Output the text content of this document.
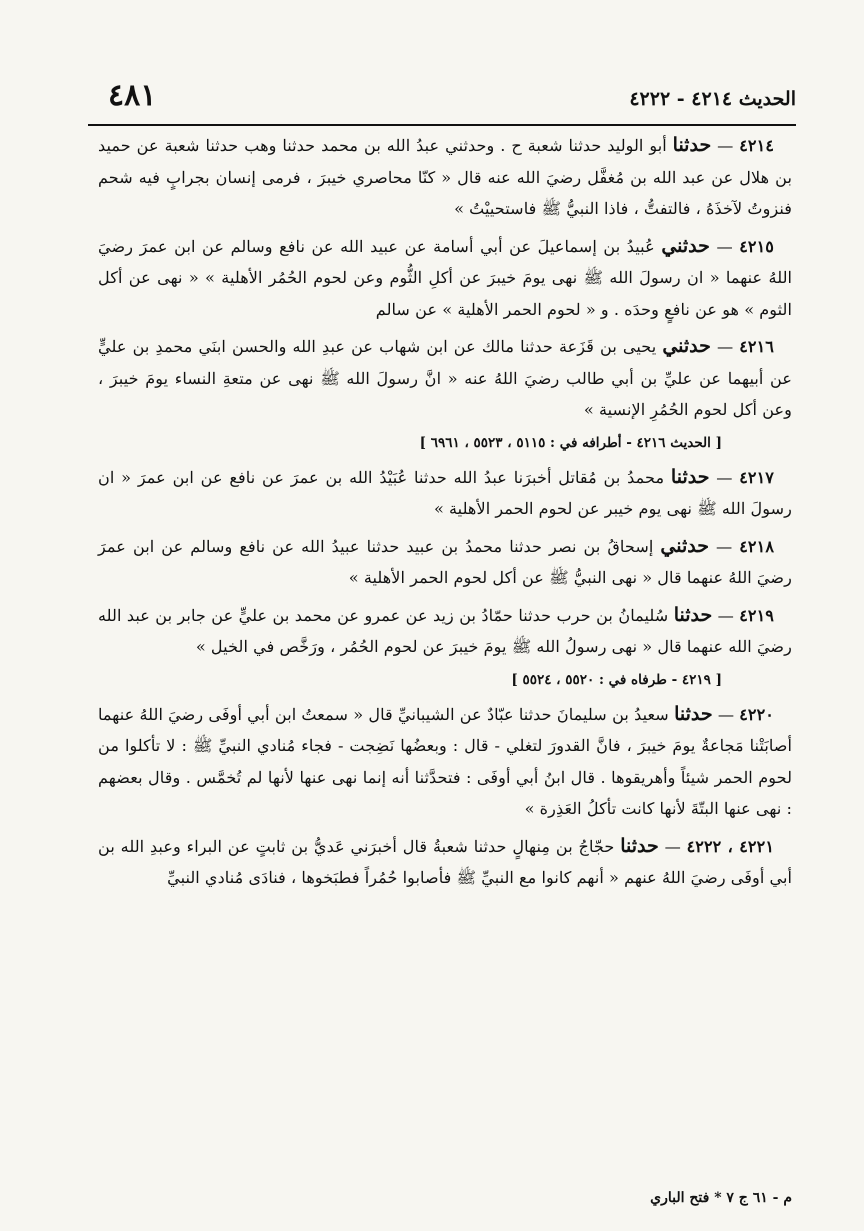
الحديث ٤٢١٤ - ٤٢٢٢
٤٨١
٤٢١٤ — حدثنا أبو الوليد حدثنا شعبة ح . وحدثني عبدُ الله بن محمد حدثنا وهب حدثنا شعبة عن حميد بن هلال عن عبد الله بن مُغفَّل رضيَ الله عنه قال « كنّا محاصري خيبرَ ، فرمى إنسان بجرابٍ فيه شحم فنزوتُ لآخذَهُ ، فالتفتُّ ، فاذا النبيُّ ﷺ فاستحييْتُ »
٤٢١٥ — حدثني عُبيدُ بن إسماعيلَ عن أبي أسامة عن عبيد الله عن نافع وسالم عن ابن عمرَ رضيَ اللهُ عنهما « ان رسولَ الله ﷺ نهى يومَ خيبرَ عن أكلِ الثُّوم وعن لحوم الحُمُر الأهلية » « نهى عن أكل الثوم » هو عن نافعٍ وحدَه . و « لحوم الحمر الأهلية » عن سالم
٤٢١٦ — حدثني يحيى بن قَزَعة حدثنا مالك عن ابن شهاب عن عبدِ الله والحسن ابنَي محمدِ بن عليٍّ عن أبيهما عن عليِّ بن أبي طالب رضيَ اللهُ عنه « انَّ رسولَ الله ﷺ نهى عن متعةِ النساء يومَ خيبرَ ، وعن أكل لحوم الحُمُرِ الإنسية »
[ الحديث ٤٢١٦ - أطرافه في : ٥١١٥ ، ٥٥٢٣ ، ٦٩٦١ ]
٤٢١٧ — حدثنا محمدُ بن مُقاتل أخبرَنا عبدُ الله حدثنا عُبَيْدُ الله بن عمرَ عن نافع عن ابن عمرَ « ان رسولَ الله ﷺ نهى يوم خيبر عن لحوم الحمر الأهلية »
٤٢١٨ — حدثني إسحاقُ بن نصر حدثنا محمدُ بن عبيد حدثنا عبيدُ الله عن نافع وسالم عن ابن عمرَ رضيَ اللهُ عنهما قال « نهى النبيُّ ﷺ عن أكل لحوم الحمر الأهلية »
٤٢١٩ — حدثنا سُليمانُ بن حرب حدثنا حمّادُ بن زيد عن عمرو عن محمد بن عليٍّ عن جابر بن عبد الله رضيَ الله عنهما قال « نهى رسولُ الله ﷺ يومَ خيبرَ عن لحوم الحُمُر ، ورَخَّص في الخيل »
[ ٤٢١٩ - طرفاه في : ٥٥٢٠ ، ٥٥٢٤ ]
٤٢٢٠ — حدثنا سعيدُ بن سليمانَ حدثنا عبّادٌ عن الشيبانيِّ قال « سمعتُ ابن أبي أوفَى رضيَ اللهُ عنهما أصابَتْنا مَجاعةٌ يومَ خيبرَ ، فانَّ القدورَ لتغلي - قال : وبعضُها نَضِجت - فجاء مُنادي النبيِّ ﷺ : لا تأكلوا من لحوم الحمر شيئاً وأهريقوها . قال ابنُ أبي أوفَى : فتحدَّثنا أنه إنما نهى عنها لأنها لم تُخمَّس . وقال بعضهم : نهى عنها البتّةَ لأنها كانت تأكلُ العَذِرة »
٤٢٢١ ، ٤٢٢٢ — حدثنا حجّاجُ بن مِنهالٍ حدثنا شعبةُ قال أخبرَني عَديُّ بن ثابتٍ عن البراء وعبدِ الله بن أبي أوفَى رضيَ اللهُ عنهم « أنهم كانوا مع النبيِّ ﷺ فأصابوا حُمُراً فطبَخوها ، فنادَى مُنادي النبيِّ
م - ٦١ ج ٧ * فتح الباري
